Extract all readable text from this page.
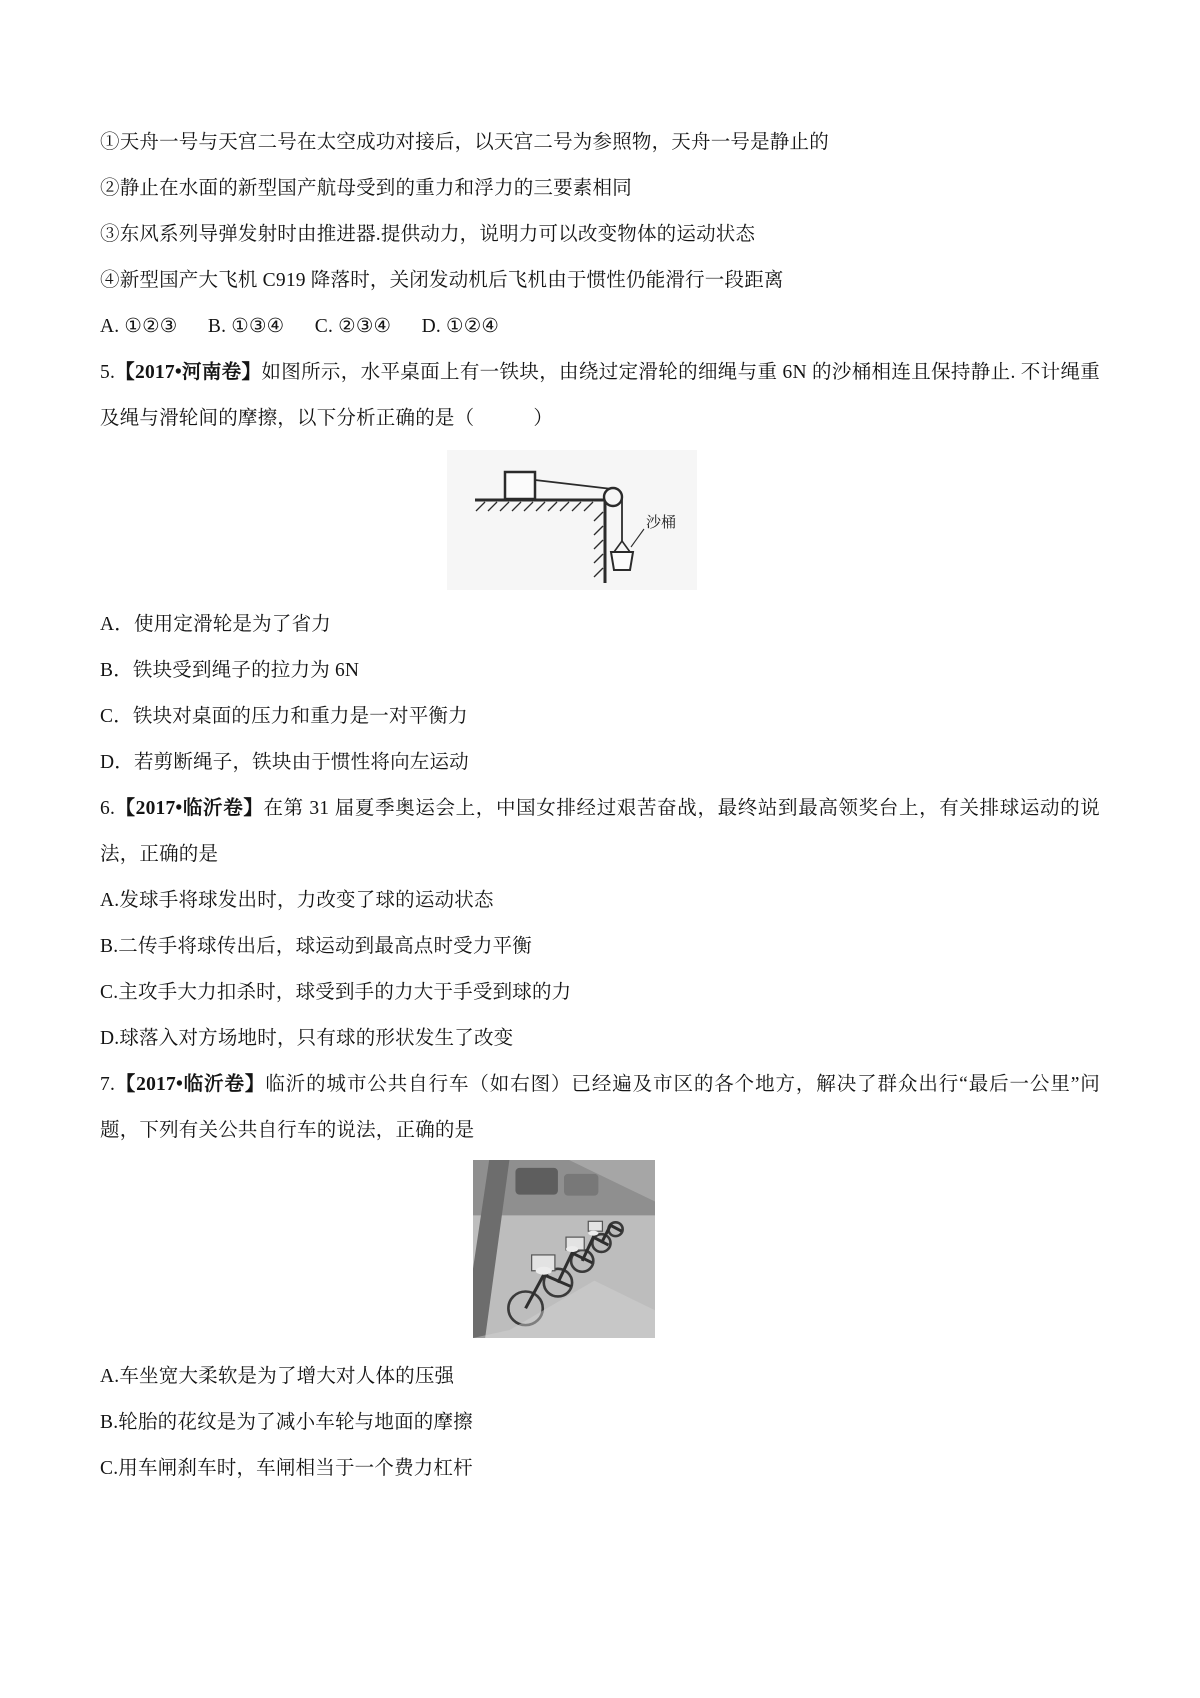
①天舟一号与天宫二号在太空成功对接后，以天宫二号为参照物，天舟一号是静止的

②静止在水面的新型国产航母受到的重力和浮力的三要素相同

③东风系列导弹发射时由推进器.提供动力，说明力可以改变物体的运动状态

④新型国产大飞机 C919 降落时，关闭发动机后飞机由于惯性仍能滑行一段距离

A. ①②③      B. ①③④      C. ②③④      D. ①②④

5.【2017•河南卷】如图所示，水平桌面上有一铁块，由绕过定滑轮的细绳与重 6N 的沙桶相连且保持静止. 不计绳重及绳与滑轮间的摩擦，以下分析正确的是（　　　）

沙桶

A．使用定滑轮是为了省力

B．铁块受到绳子的拉力为 6N

C．铁块对桌面的压力和重力是一对平衡力

D．若剪断绳子，铁块由于惯性将向左运动

6.【2017•临沂卷】在第 31 届夏季奥运会上，中国女排经过艰苦奋战，最终站到最高领奖台上，有关排球运动的说法，正确的是

A.发球手将球发出时，力改变了球的运动状态

B.二传手将球传出后，球运动到最高点时受力平衡

C.主攻手大力扣杀时，球受到手的力大于手受到球的力

D.球落入对方场地时，只有球的形状发生了改变

7.【2017•临沂卷】临沂的城市公共自行车（如右图）已经遍及市区的各个地方，解决了群众出行“最后一公里”问题，下列有关公共自行车的说法，正确的是

A.车坐宽大柔软是为了增大对人体的压强

B.轮胎的花纹是为了减小车轮与地面的摩擦

C.用车闸刹车时，车闸相当于一个费力杠杆
